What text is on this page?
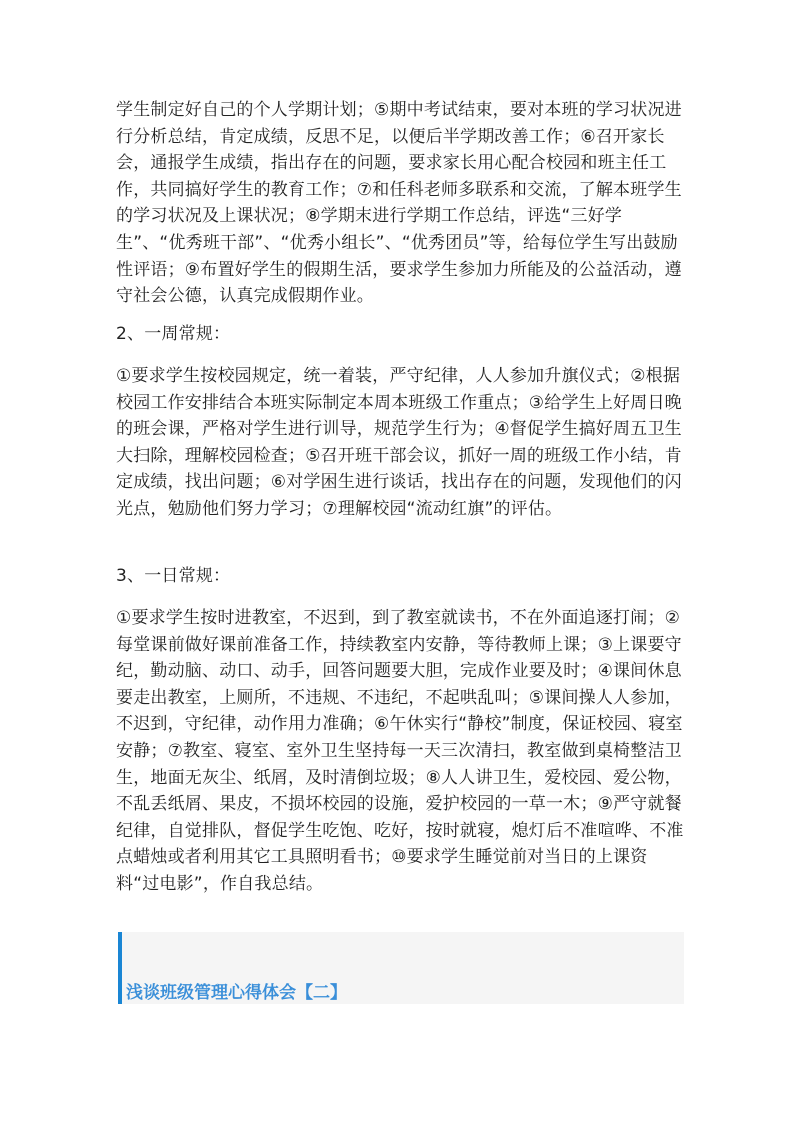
学生制定好自己的个人学期计划；⑤期中考试结束，要对本班的学习状况进行分析总结，肯定成绩，反思不足，以便后半学期改善工作；⑥召开家长会，通报学生成绩，指出存在的问题，要求家长用心配合校园和班主任工作，共同搞好学生的教育工作；⑦和任科老师多联系和交流，了解本班学生的学习状况及上课状况；⑧学期末进行学期工作总结，评选“三好学生”、“优秀班干部”、“优秀小组长”、“优秀团员”等，给每位学生写出鼓励性评语；⑨布置好学生的假期生活，要求学生参加力所能及的公益活动，遵守社会公德，认真完成假期作业。

2、一周常规：

①要求学生按校园规定，统一着装，严守纪律，人人参加升旗仪式；②根据校园工作安排结合本班实际制定本周本班级工作重点；③给学生上好周日晚的班会课，严格对学生进行训导，规范学生行为；④督促学生搞好周五卫生大扫除，理解校园检查；⑤召开班干部会议，抓好一周的班级工作小结，肯定成绩，找出问题；⑥对学困生进行谈话，找出存在的问题，发现他们的闪光点，勉励他们努力学习；⑦理解校园“流动红旗”的评估。

3、一日常规：

①要求学生按时进教室，不迟到，到了教室就读书，不在外面追逐打闹；②每堂课前做好课前准备工作，持续教室内安静，等待教师上课；③上课要守纪，勤动脑、动口、动手，回答问题要大胆，完成作业要及时；④课间休息要走出教室，上厕所，不违规、不违纪，不起哄乱叫；⑤课间操人人参加，不迟到，守纪律，动作用力准确；⑥午休实行“静校”制度，保证校园、寝室安静；⑦教室、寝室、室外卫生坚持每一天三次清扫，教室做到桌椅整洁卫生，地面无灰尘、纸屑，及时清倒垃圾；⑧人人讲卫生，爱校园、爱公物，不乱丢纸屑、果皮，不损坏校园的设施，爱护校园的一草一木；⑨严守就餐纪律，自觉排队，督促学生吃饱、吃好，按时就寝，熄灯后不准喧哗、不准点蜡烛或者利用其它工具照明看书；⑩要求学生睡觉前对当日的上课资料“过电影”，作自我总结。

浅谈班级管理心得体会【二】
